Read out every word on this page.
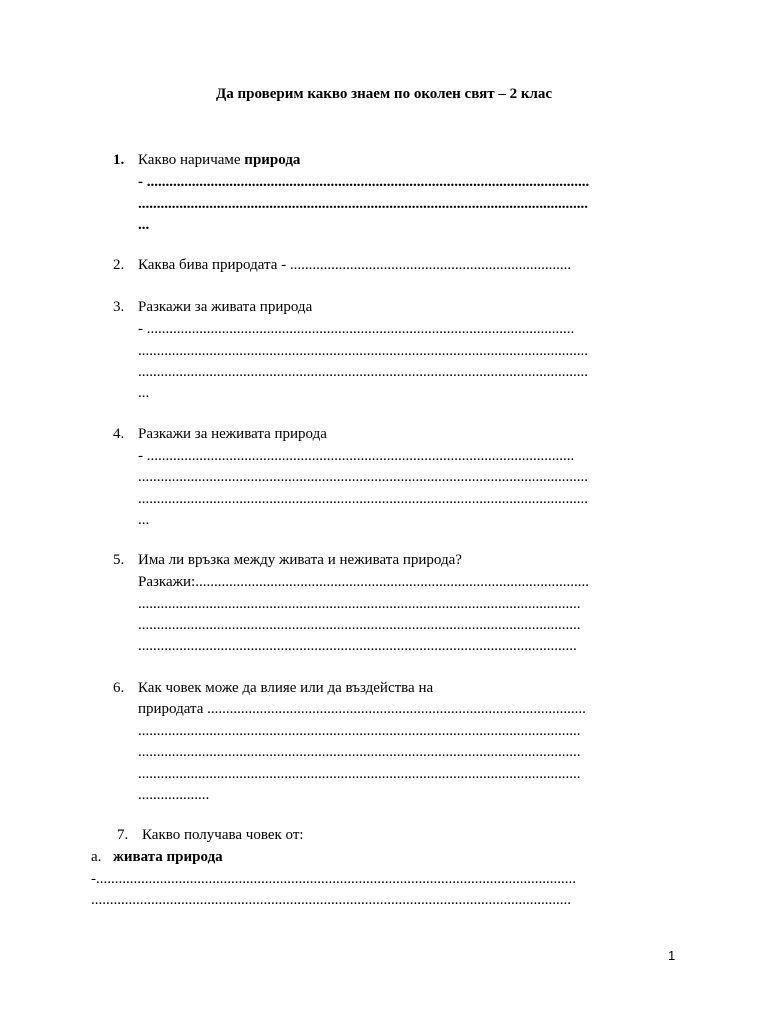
Да проверим какво знаем по околен свят – 2 клас
1. Какво наричаме природа
- ......................................................................................................................
........................................................................................................................
...
2. Каква бива природата - ...........................................................................
3. Разкажи за живата природа
- ..................................................................................................................
........................................................................................................................
........................................................................................................................
...
4. Разкажи за неживата природа
- ..................................................................................................................
........................................................................................................................
........................................................................................................................
...
5. Има ли връзка между живата и неживата природа?
Разкажи:.........................................................................................................
......................................................................................................................
......................................................................................................................
.....................................................................................................................
6. Как човек може да влияе или да въздейства на
природата .....................................................................................................
......................................................................................................................
......................................................................................................................
......................................................................................................................
...................
7. Какво получава човек от:
а. живата природа
-................................................................................................................................
................................................................................................................................
1
